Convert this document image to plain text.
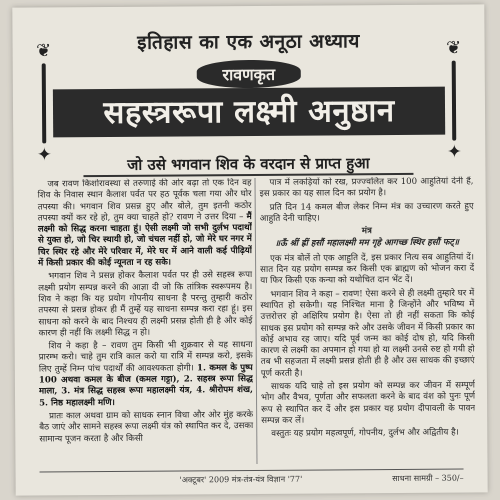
❦
✦
❦
✦
इतिहास का एक अनूठा अध्याय
रावणकृत
सहस्त्ररूपा लक्ष्मी अनुष्ठान
जो उसे भगवान शिव के वरदान से प्राप्त हुआ

जब रावण किशोरावस्था से तरुणाई की ओर बढ़ा तो एक दिन वह शिव के निवास स्थान कैलाश पर्वत पर हठ पूर्वक चला गया और घोर तपस्या की। भगवान शिव प्रसन्न हुए और बोले, तुम इतनी कठोर तपस्या क्यों कर रहे हो, तुम क्या चाहते हो? रावण ने उत्तर दिया – मैं लक्ष्मी को सिद्ध करना चाहता हूं। ऐसी लक्ष्मी जो सभी दुर्लभ पदार्थों से युक्त हो, जो चिर स्थायी हो, जो चंचल नहीं हो, जो मेरे घर नगर में चिर स्थिर रहे और मेरे परिवार में, मेरे घर में आने वाली कई पीढ़ियों में किसी प्रकार की कोई न्यूनता न रह सके।

भगवान शिव ने प्रसन्न होकर कैलाश पर्वत पर ही उसे सहस्त्र रूपा लक्ष्मी प्रयोग सम्पन्न करने की आज्ञा दी जो कि तांत्रिक स्वरूपमय है। शिव ने कहा कि यह प्रयोग गोपनीय साधना है परन्तु तुम्हारी कठोर तपस्या से प्रसन्न होकर ही मैं तुम्हें यह साधना सम्पन्न करा रहा हूं। इस साधना को करने के बाद निश्चय ही लक्ष्मी प्रसन्न होती ही है और कोई कारण ही नहीं कि लक्ष्मी सिद्ध न हो।

शिव ने कहा है – रावण तुम किसी भी शुक्रवार से यह साधना प्रारम्भ करो। चाहे तुम रात्रि काल करो या रात्रि में सम्पन्न करो, इसके लिए तुम्हें निम्न पांच पदार्थों की आवश्यकता होगी। 1. कमल के पुष्प 100 अथवा कमल के बीज (कमल गट्टा), 2. सहस्त्र रूपा सिद्ध माला, 3. मंत्र सिद्ध सहस्त्र रूपा महालक्ष्मी यंत्र, 4. श्रीरोपम शंख, 5. निष्ठ महालक्ष्मी मणि।

प्रातः काल अथवा ग्राम को साधक स्नान विधा और ओर मुंह करके बैठ जाएं और सामने सहस्त्र रूपा लक्ष्मी यंत्र को स्थापित कर दे, उसका सामान्य पूजन करता है और किसी

पात्र में लकड़ियों को रख, प्रज्ज्वलित कर 100 आहुतियां देनी हैं, इस प्रकार का यह साल दिन का प्रयोग है।

प्रति दिन 14 कमल बीज लेकर निम्न मंत्र का उच्चारण करते हुए आहुति देनी चाहिए।

मंत्र
॥ऊँ श्रीं ह्रीं हसौं महालक्ष्मी मम गृहे आगच्छ स्थिर हसौं फट्॥

एक मंत्र बोलें तो एक आहुति दें, इस प्रकार नित्य सब आहुतियां दें। सात दिन यह प्रयोग सम्पन्न कर किसी एक ब्राह्मण को भोजन करा दें या फिर किसी एक कन्या को यथोचित दान भेंट दें।

भगवान शिव ने कहा – रावण! ऐसा करने से ही लक्ष्मी तुम्हारे घर में स्थापित हो सकेगी। यह निश्चित माना है जिन्होंने और भविष्य में उत्तरोत्तर हो अक्षिरिय प्रयोग है। ऐसा तो ही नहीं सकता कि कोई साधक इस प्रयोग को सम्पन्न करे और उसके जीवन में किसी प्रकार का कोई अभाव रह जाए। यदि पूर्व जन्म का कोई दोष हो, यदि किसी कारण से लक्ष्मी का अपमान हो गया हो या लक्ष्मी उनसे रुष्ट हो गयी हो तब भी सहजता में लक्ष्मी प्रसन्न होती ही है और उस साधक की इच्छाएं पूर्ण करती है।

साधक यदि चाहे तो इस प्रयोग को सम्पन्न कर जीवन में सम्पूर्ण भोग और वैभव, पूर्णता और सफलता करने के बाद वंश को पुनः पूर्ण रूप से स्थापित कर दें और इस प्रकार यह प्रयोग दीपावली के पावन सम्पन्न कर लें।

वस्तुतः यह प्रयोग महत्वपूर्ण, गोपनीय, दुर्लभ और अद्वितीय है।

'अक्टूबर' 2009 मंत्र-तंत्र-यंत्र विज्ञान '77'	साधना सामग्री – 350/–
